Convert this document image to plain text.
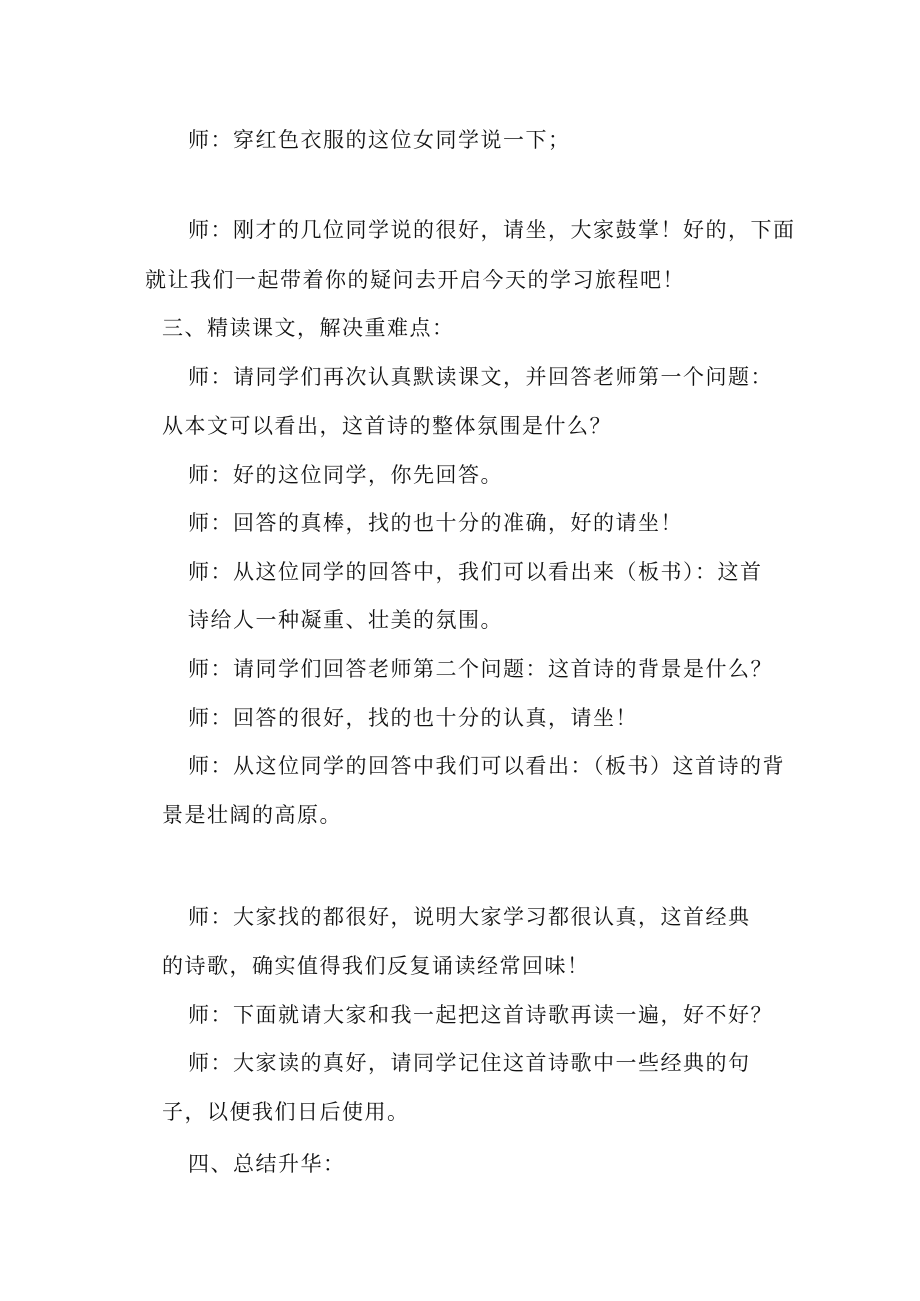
师：穿红色衣服的这位女同学说一下；
师：刚才的几位同学说的很好，请坐，大家鼓掌！好的，下面
就让我们一起带着你的疑问去开启今天的学习旅程吧！
三、精读课文，解决重难点：
师：请同学们再次认真默读课文，并回答老师第一个问题：
从本文可以看出，这首诗的整体氛围是什么？
师：好的这位同学，你先回答。
师：回答的真棒，找的也十分的准确，好的请坐！
师：从这位同学的回答中，我们可以看出来（板书）：这首
诗给人一种凝重、壮美的氛围。
师：请同学们回答老师第二个问题：这首诗的背景是什么？
师：回答的很好，找的也十分的认真，请坐！
师：从这位同学的回答中我们可以看出：（板书）这首诗的背
景是壮阔的高原。
师：大家找的都很好，说明大家学习都很认真，这首经典
的诗歌，确实值得我们反复诵读经常回味！
师：下面就请大家和我一起把这首诗歌再读一遍，好不好？
师：大家读的真好，请同学记住这首诗歌中一些经典的句
子，以便我们日后使用。
四、总结升华：
